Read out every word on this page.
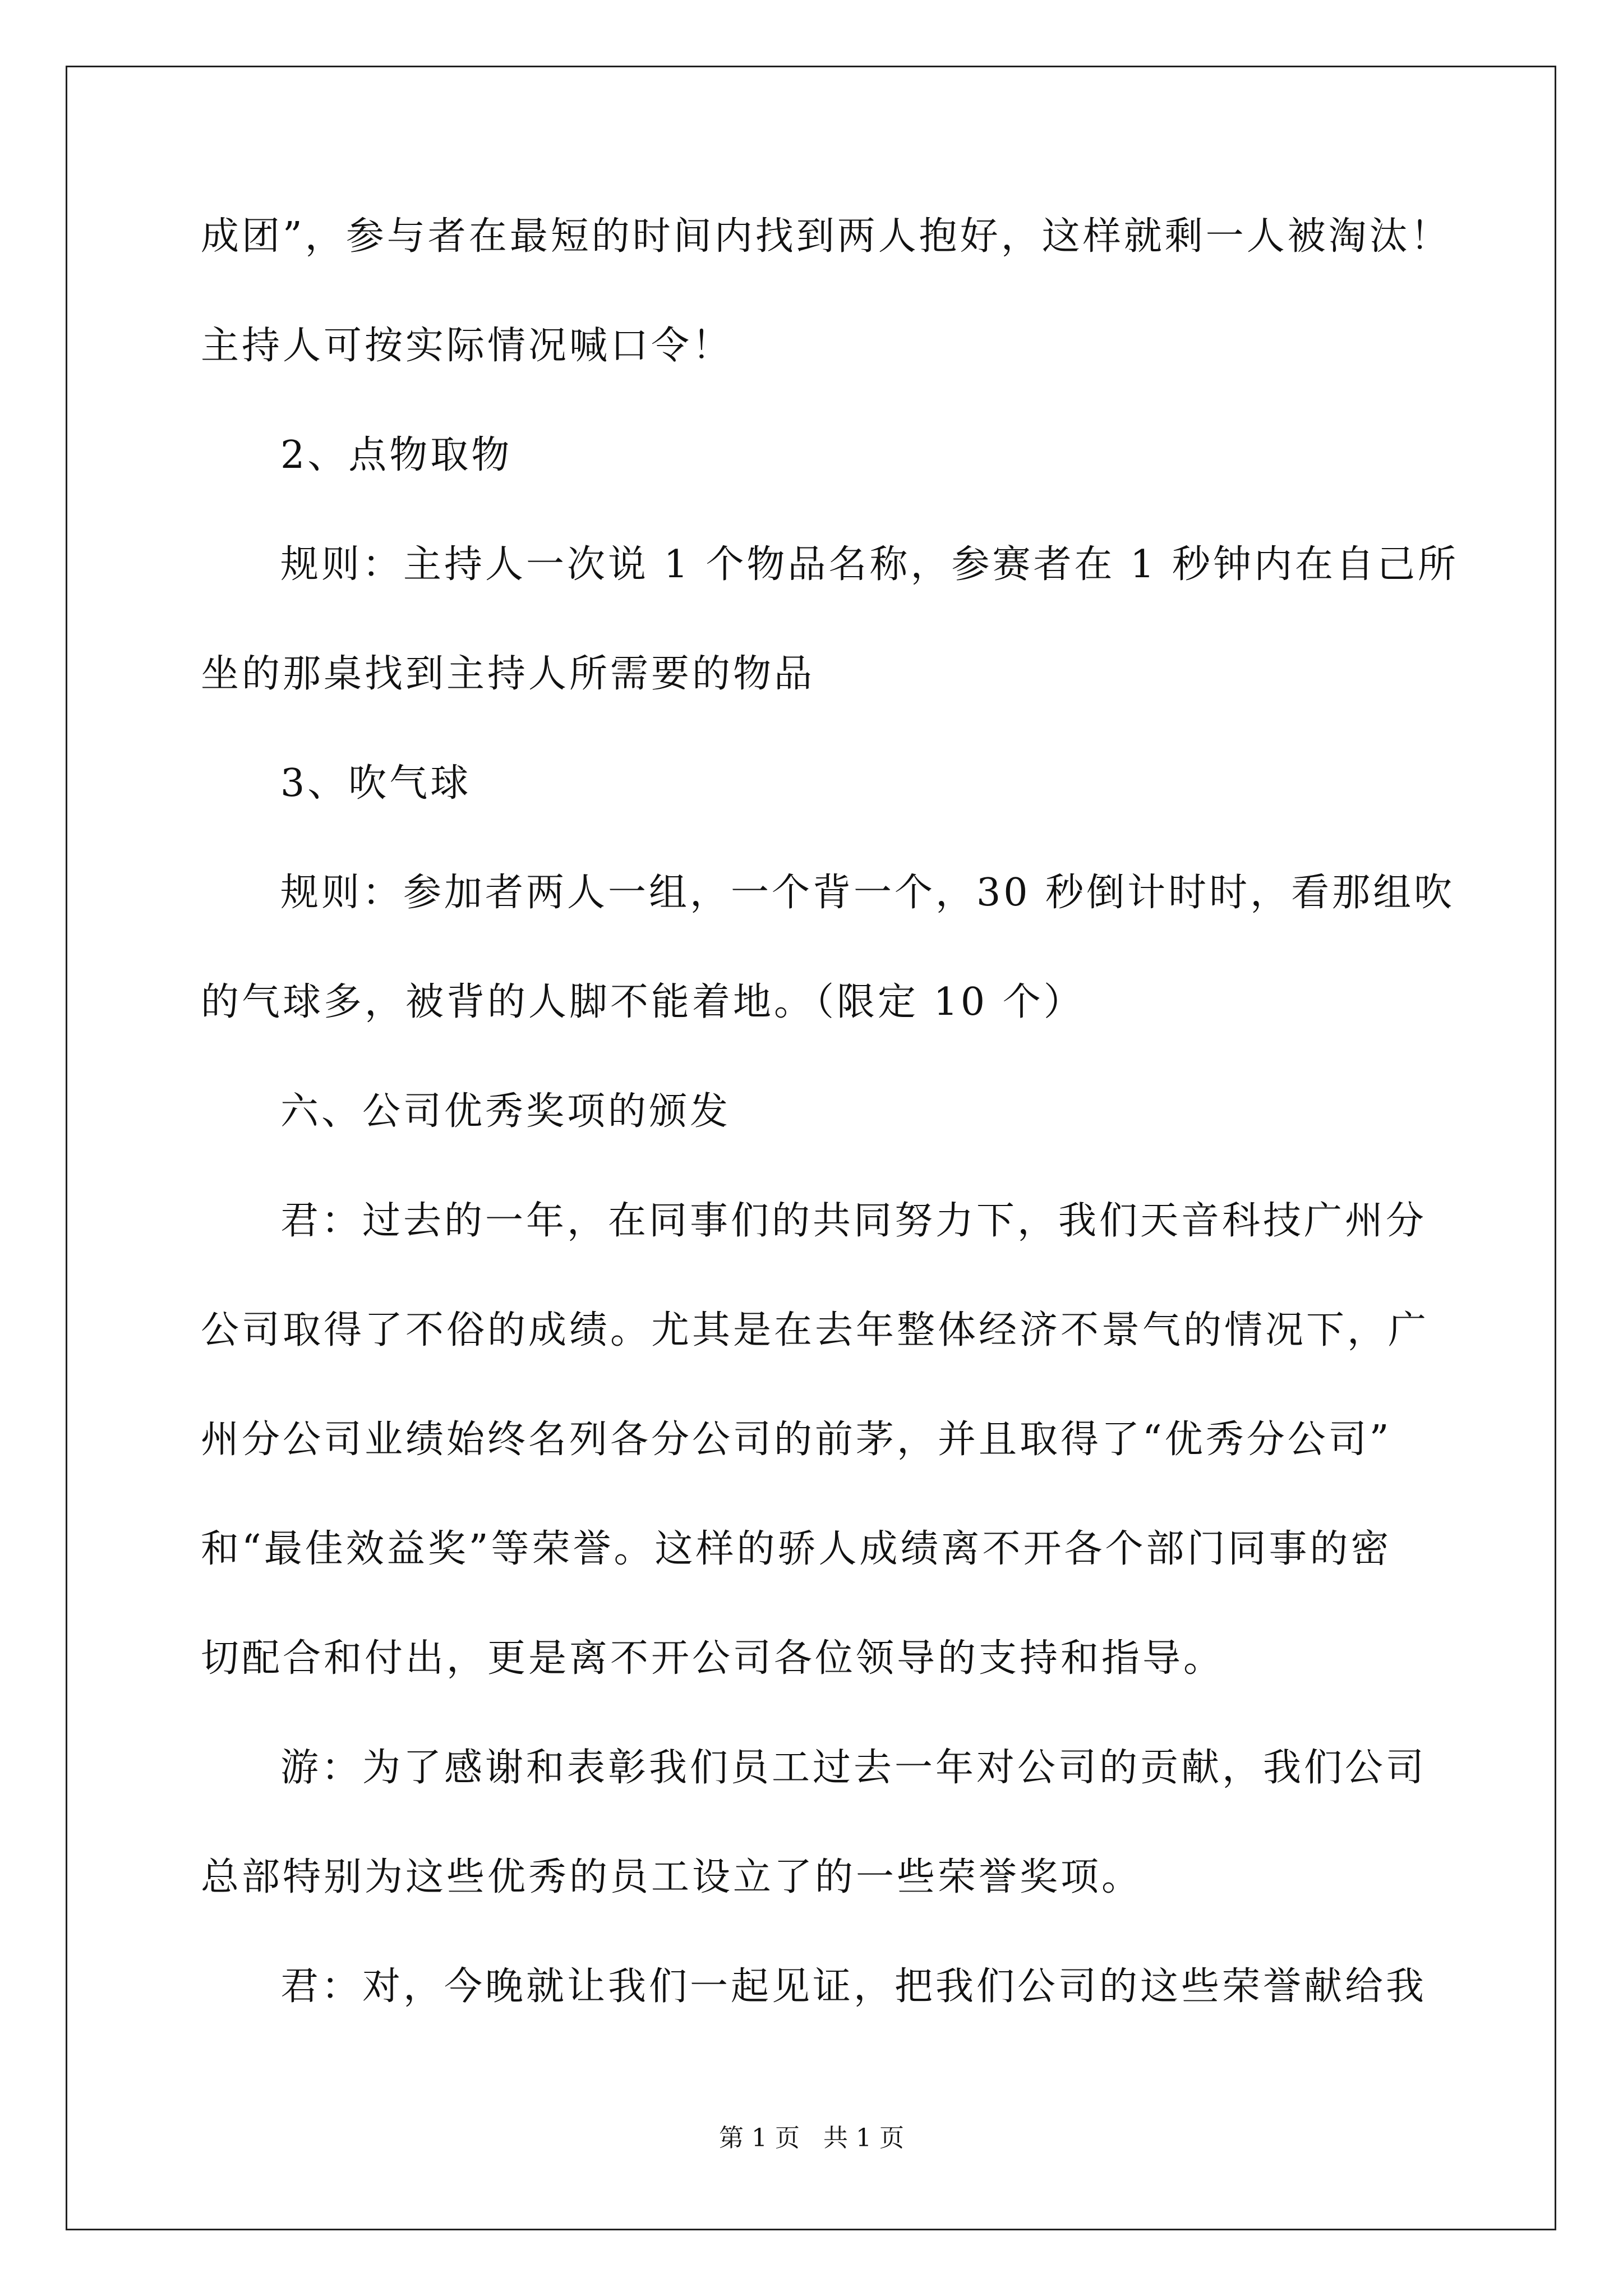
成团”，参与者在最短的时间内找到两人抱好，这样就剩一人被淘汰！
主持人可按实际情况喊口令！
2、点物取物
规则：主持人一次说 1 个物品名称，参赛者在 1 秒钟内在自己所
坐的那桌找到主持人所需要的物品
3、吹气球
规则：参加者两人一组，一个背一个，30 秒倒计时时，看那组吹
的气球多，被背的人脚不能着地。（限定 10 个）
六、公司优秀奖项的颁发
君：过去的一年，在同事们的共同努力下，我们天音科技广州分
公司取得了不俗的成绩。尤其是在去年整体经济不景气的情况下，广
州分公司业绩始终名列各分公司的前茅，并且取得了“优秀分公司”
和“最佳效益奖”等荣誉。这样的骄人成绩离不开各个部门同事的密
切配合和付出，更是离不开公司各位领导的支持和指导。
游：为了感谢和表彰我们员工过去一年对公司的贡献，我们公司
总部特别为这些优秀的员工设立了的一些荣誉奖项。
君：对，今晚就让我们一起见证，把我们公司的这些荣誉献给我
第 1 页   共 1 页
